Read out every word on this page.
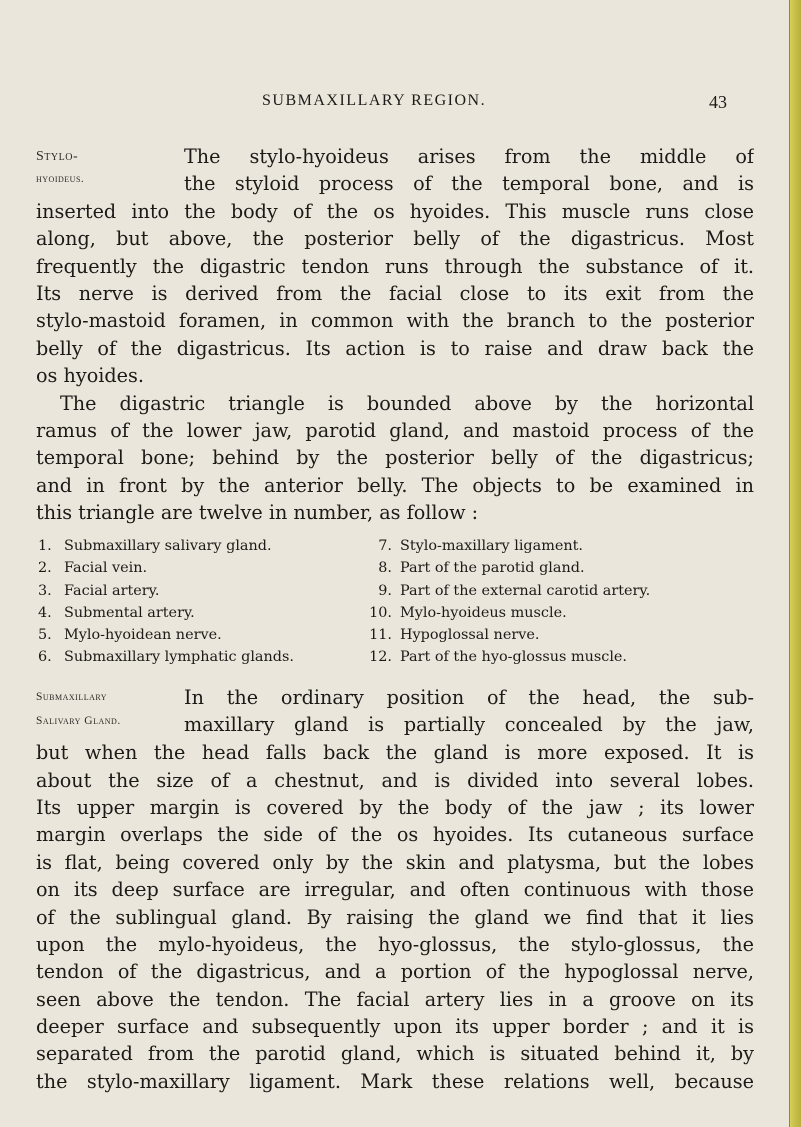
SUBMAXILLARY REGION.	43
Stylo-
hyoideus.
The stylo-hyoideus arises from the middle of
the styloid process of the temporal bone, and is
inserted into the body of the os hyoides. This muscle runs close
along, but above, the posterior belly of the digastricus. Most
frequently the digastric tendon runs through the substance of it.
Its nerve is derived from the facial close to its exit from the
stylo-mastoid foramen, in common with the branch to the posterior
belly of the digastricus. Its action is to raise and draw back the
os hyoides.
The digastric triangle is bounded above by the horizontal
ramus of the lower jaw, parotid gland, and mastoid process of the
temporal bone; behind by the posterior belly of the digastricus;
and in front by the anterior belly. The objects to be examined in
this triangle are twelve in number, as follow :
1. Submaxillary salivary gland.
2. Facial vein.
3. Facial artery.
4. Submental artery.
5. Mylo-hyoidean nerve.
6. Submaxillary lymphatic glands.
7. Stylo-maxillary ligament.
8. Part of the parotid gland.
9. Part of the external carotid artery.
10. Mylo-hyoideus muscle.
11. Hypoglossal nerve.
12. Part of the hyo-glossus muscle.
Submaxillary
Salivary Gland.
In the ordinary position of the head, the sub-
maxillary gland is partially concealed by the jaw,
but when the head falls back the gland is more exposed. It is
about the size of a chestnut, and is divided into several lobes.
Its upper margin is covered by the body of the jaw ; its lower
margin overlaps the side of the os hyoides. Its cutaneous surface
is flat, being covered only by the skin and platysma, but the lobes
on its deep surface are irregular, and often continuous with those
of the sublingual gland. By raising the gland we find that it lies
upon the mylo-hyoideus, the hyo-glossus, the stylo-glossus, the
tendon of the digastricus, and a portion of the hypoglossal nerve,
seen above the tendon. The facial artery lies in a groove on its
deeper surface and subsequently upon its upper border ; and it is
separated from the parotid gland, which is situated behind it, by
the stylo-maxillary ligament. Mark these relations well, because
